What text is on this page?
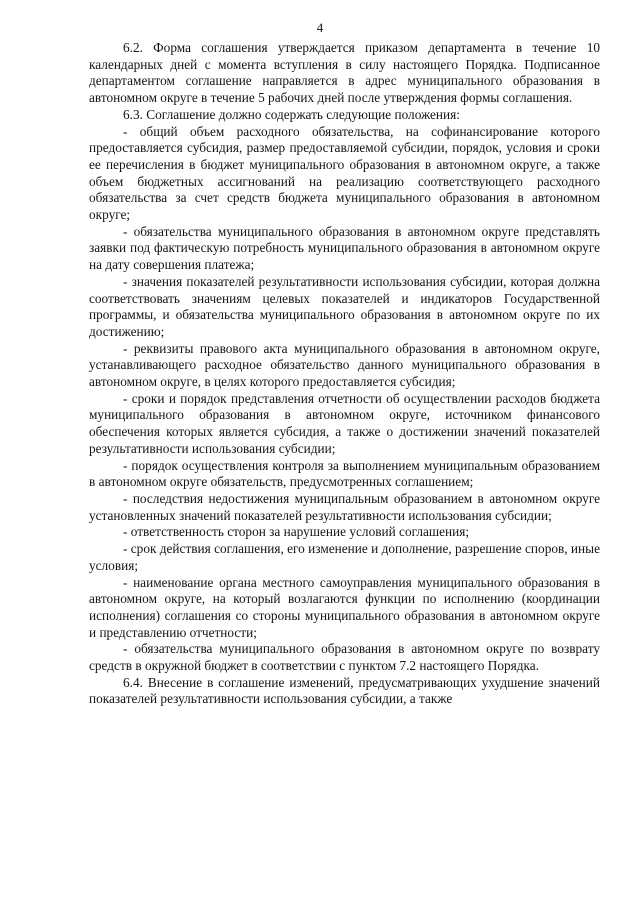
4

6.2. Форма соглашения утверждается приказом департамента в течение 10 календарных дней с момента вступления в силу настоящего Порядка. Подписанное департаментом соглашение направляется в адрес муниципального образования в автономном округе в течение 5 рабочих дней после утверждения формы соглашения.

6.3. Соглашение должно содержать следующие положения:

- общий объем расходного обязательства, на софинансирование которого предоставляется субсидия, размер предоставляемой субсидии, порядок, условия и сроки ее перечисления в бюджет муниципального образования в автономном округе, а также объем бюджетных ассигнований на реализацию соответствующего расходного обязательства за счет средств бюджета муниципального образования в автономном округе;

- обязательства муниципального образования в автономном округе представлять заявки под фактическую потребность муниципального образования в автономном округе на дату совершения платежа;

- значения показателей результативности использования субсидии, которая должна соответствовать значениям целевых показателей и индикаторов Государственной программы, и обязательства муниципального образования в автономном округе по их достижению;

- реквизиты правового акта муниципального образования в автономном округе, устанавливающего расходное обязательство данного муниципального образования в автономном округе, в целях которого предоставляется субсидия;

- сроки и порядок представления отчетности об осуществлении расходов бюджета муниципального образования в автономном округе, источником финансового обеспечения которых является субсидия, а также о достижении значений показателей результативности использования субсидии;

- порядок осуществления контроля за выполнением муниципальным образованием в автономном округе обязательств, предусмотренных соглашением;

- последствия недостижения муниципальным образованием в автономном округе установленных значений показателей результативности использования субсидии;

- ответственность сторон за нарушение условий соглашения;

- срок действия соглашения, его изменение и дополнение, разрешение споров, иные условия;

- наименование органа местного самоуправления муниципального образования в автономном округе, на который возлагаются функции по исполнению (координации исполнения) соглашения со стороны муниципального образования в автономном округе и представлению отчетности;

- обязательства муниципального образования в автономном округе по возврату средств в окружной бюджет в соответствии с пунктом 7.2 настоящего Порядка.

6.4. Внесение в соглашение изменений, предусматривающих ухудшение значений показателей результативности использования субсидии, а также
